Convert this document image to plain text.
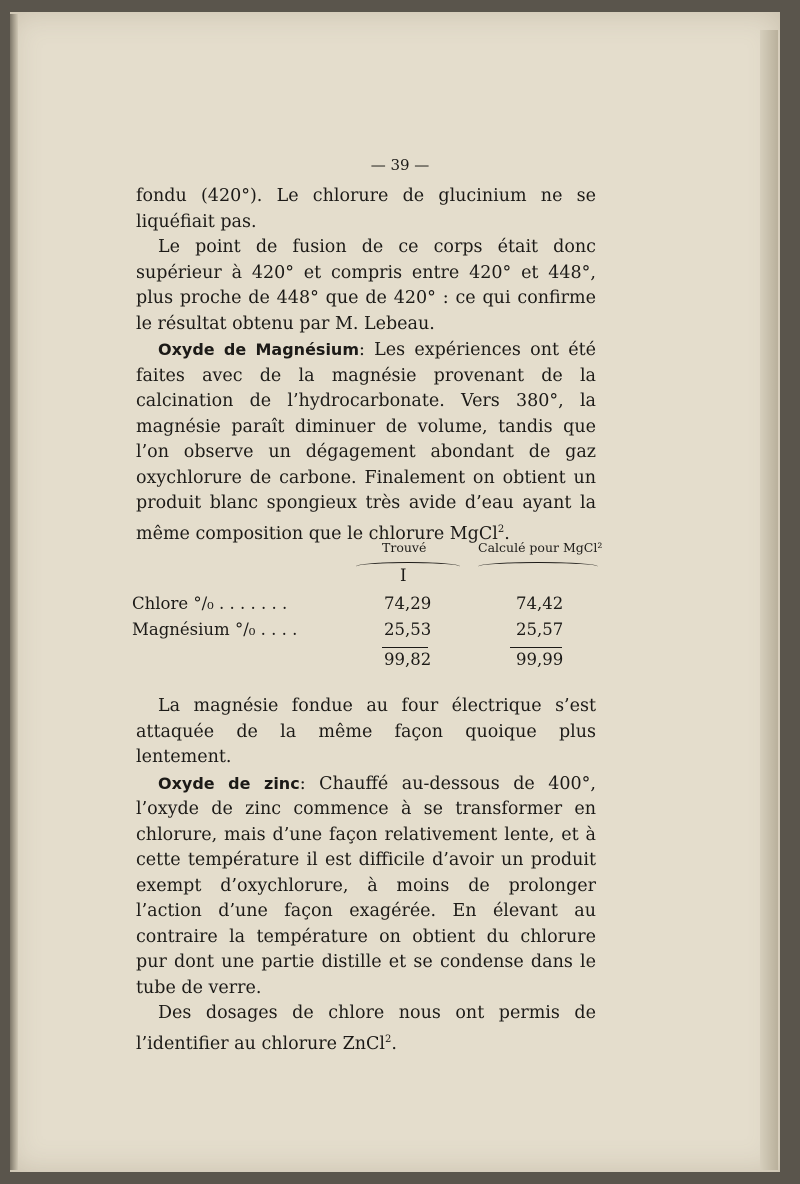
— 39 —

fondu (420°). Le chlorure de glucinium ne se liquéfiait pas.

Le point de fusion de ce corps était donc supérieur à 420° et compris entre 420° et 448°, plus proche de 448° que de 420° : ce qui confirme le résultat obtenu par M. Lebeau.

Oxyde de Magnésium: Les expériences ont été faites avec de la magnésie provenant de la calcination de l’hydrocarbonate. Vers 380°, la magnésie paraît diminuer de volume, tandis que l’on observe un dégagement abondant de gaz oxychlorure de carbone. Finalement on obtient un produit blanc spongieux très avide d’eau ayant la même composition que le chlorure MgCl$^2$.

Trouvé	Calculé pour MgCl²
I
Chlore °/₀ . . . . . . .	74,29	74,42
Magnésium °/₀ . . . .	25,53	25,57
99,82	99,99

La magnésie fondue au four électrique s’est attaquée de la même façon quoique plus lentement.

Oxyde de zinc: Chauffé au-dessous de 400°, l’oxyde de zinc commence à se transformer en chlorure, mais d’une façon relativement lente, et à cette température il est difficile d’avoir un produit exempt d’oxychlorure, à moins de prolonger l’action d’une façon exagérée. En élevant au contraire la température on obtient du chlorure pur dont une partie distille et se condense dans le tube de verre.

Des dosages de chlore nous ont permis de l’identifier au chlorure ZnCl$^2$.
